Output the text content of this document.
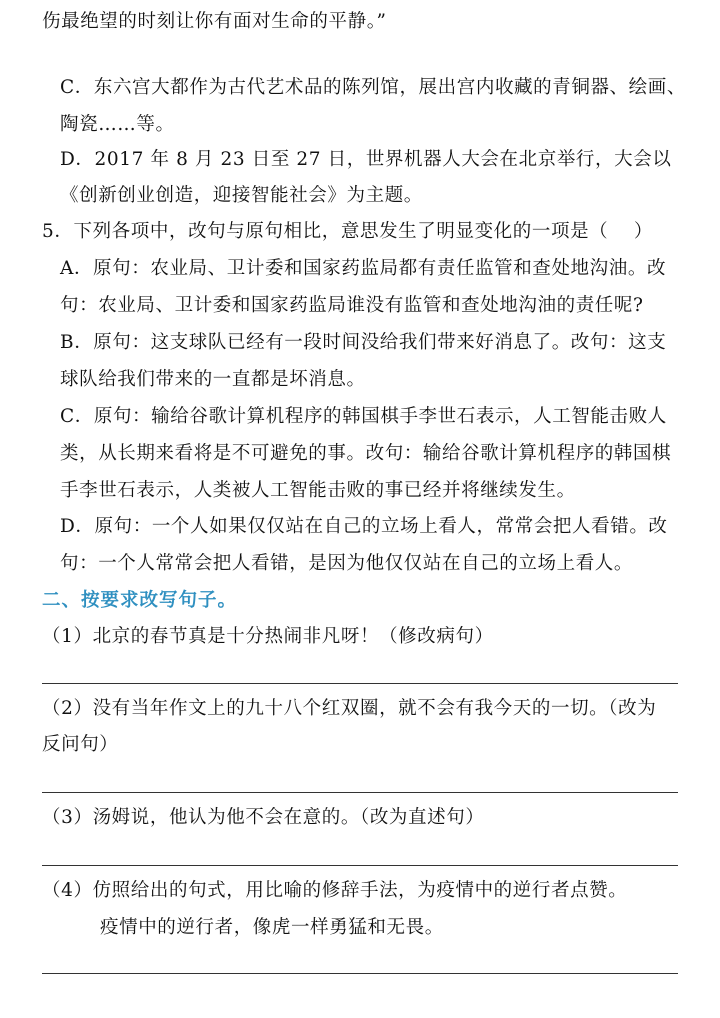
伤最绝望的时刻让你有面对生命的平静。”
C．东六宫大都作为古代艺术品的陈列馆，展出宫内收藏的青铜器、绘画、
陶瓷……等。
D．2017 年 8 月 23 日至 27 日，世界机器人大会在北京举行，大会以
《创新创业创造，迎接智能社会》为主题。
5．下列各项中，改句与原句相比，意思发生了明显变化的一项是（　 ）
A．原句：农业局、卫计委和国家药监局都有责任监管和查处地沟油。改
句：农业局、卫计委和国家药监局谁没有监管和查处地沟油的责任呢?
B．原句：这支球队已经有一段时间没给我们带来好消息了。改句：这支
球队给我们带来的一直都是坏消息。
C．原句：输给谷歌计算机程序的韩国棋手李世石表示，人工智能击败人
类，从长期来看将是不可避免的事。改句：输给谷歌计算机程序的韩国棋
手李世石表示，人类被人工智能击败的事已经并将继续发生。
D．原句：一个人如果仅仅站在自己的立场上看人，常常会把人看错。改
句：一个人常常会把人看错，是因为他仅仅站在自己的立场上看人。
二、按要求改写句子。
（1）北京的春节真是十分热闹非凡呀！（修改病句）
（2）没有当年作文上的九十八个红双圈，就不会有我今天的一切。（改为
反问句）
（3）汤姆说，他认为他不会在意的。（改为直述句）
（4）仿照给出的句式，用比喻的修辞手法，为疫情中的逆行者点赞。
疫情中的逆行者，像虎一样勇猛和无畏。
